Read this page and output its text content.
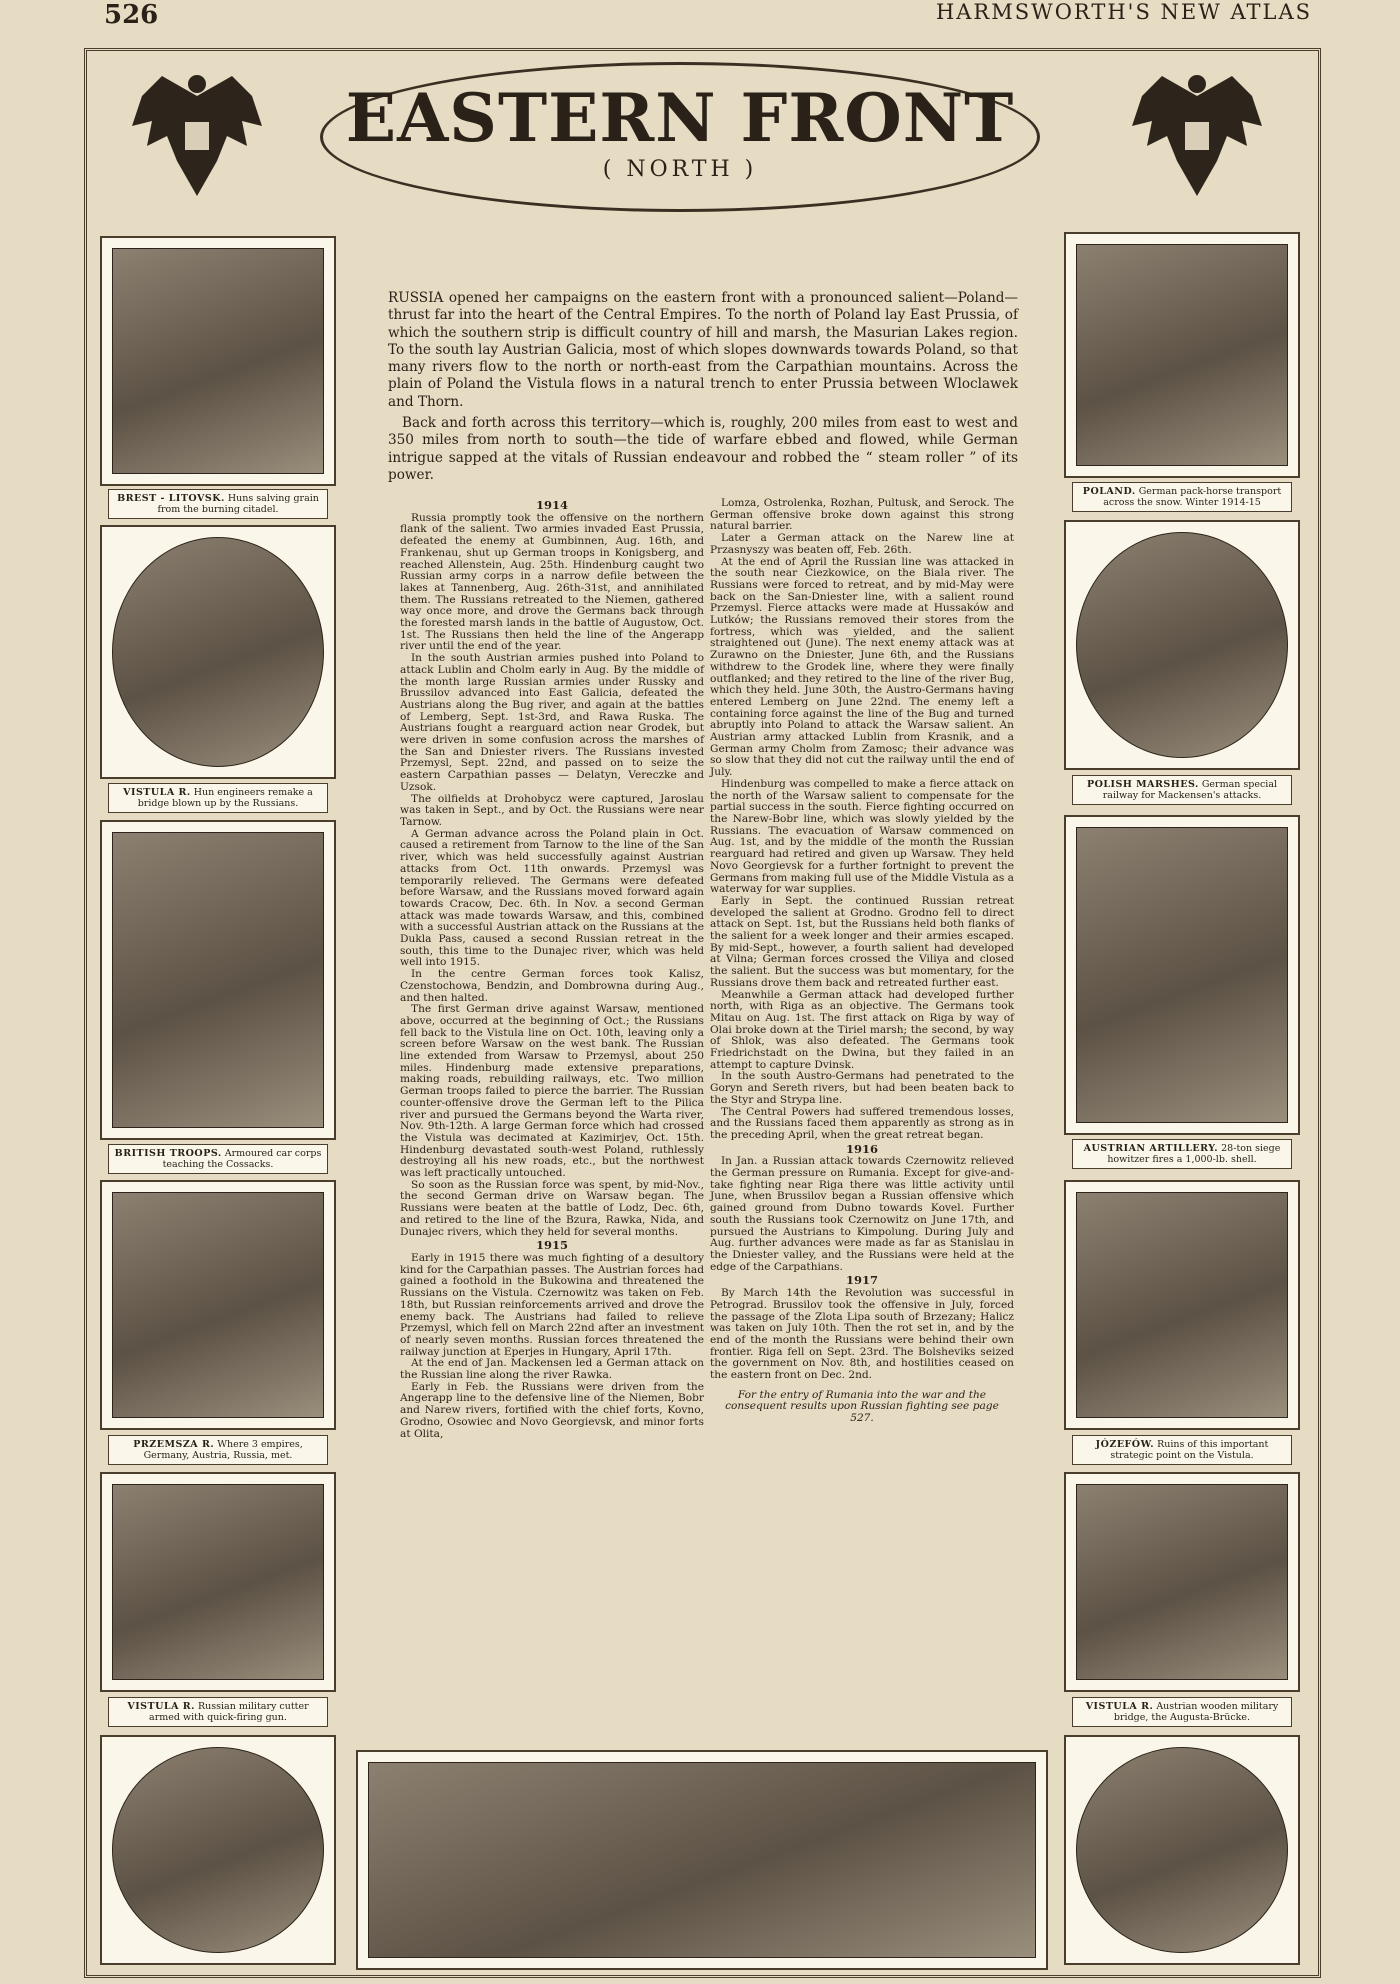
526	HARMSWORTH'S NEW ATLAS
EASTERN FRONT
( NORTH )
BREST - LITOVSK. Huns salving grain from the burning citadel.
VISTULA R. Hun engineers remake a bridge blown up by the Russians.
BRITISH TROOPS. Armoured car corps teaching the Cossacks.
PRZEMSZA R. Where 3 empires, Germany, Austria, Russia, met.
VISTULA R. Russian military cutter armed with quick-firing gun.
POLAND. German pack-horse transport across the snow. Winter 1914-15
POLISH MARSHES. German special railway for Mackensen's attacks.
AUSTRIAN ARTILLERY. 28-ton siege howitzer fires a 1,000-lb. shell.
JÓZEFÓW. Ruins of this important strategic point on the Vistula.
VISTULA R. Austrian wooden military bridge, the Augusta-Brücke.

RUSSIA opened her campaigns on the eastern front with a pronounced salient—Poland—thrust far into the heart of the Central Empires. To the north of Poland lay East Prussia, of which the southern strip is difficult country of hill and marsh, the Masurian Lakes region. To the south lay Austrian Galicia, most of which slopes downwards towards Poland, so that many rivers flow to the north or north-east from the Carpathian mountains. Across the plain of Poland the Vistula flows in a natural trench to enter Prussia between Wloclawek and Thorn.

Back and forth across this territory—which is, roughly, 200 miles from east to west and 350 miles from north to south—the tide of warfare ebbed and flowed, while German intrigue sapped at the vitals of Russian endeavour and robbed the “ steam roller ” of its power.

1914

Russia promptly took the offensive on the northern flank of the salient. Two armies invaded East Prussia, defeated the enemy at Gumbinnen, Aug. 16th, and Frankenau, shut up German troops in Konigsberg, and reached Allenstein, Aug. 25th. Hindenburg caught two Russian army corps in a narrow defile between the lakes at Tannenberg, Aug. 26th-31st, and annihilated them. The Russians retreated to the Niemen, gathered way once more, and drove the Germans back through the forested marsh lands in the battle of Augustow, Oct. 1st. The Russians then held the line of the Angerapp river until the end of the year.

In the south Austrian armies pushed into Poland to attack Lublin and Cholm early in Aug. By the middle of the month large Russian armies under Russky and Brussilov advanced into East Galicia, defeated the Austrians along the Bug river, and again at the battles of Lemberg, Sept. 1st-3rd, and Rawa Ruska. The Austrians fought a rearguard action near Grodek, but were driven in some confusion across the marshes of the San and Dniester rivers. The Russians invested Przemysl, Sept. 22nd, and passed on to seize the eastern Carpathian passes — Delatyn, Vereczke and Uzsok.

The oilfields at Drohobycz were captured, Jaroslau was taken in Sept., and by Oct. the Russians were near Tarnow.

A German advance across the Poland plain in Oct. caused a retirement from Tarnow to the line of the San river, which was held successfully against Austrian attacks from Oct. 11th onwards. Przemysl was temporarily relieved. The Germans were defeated before Warsaw, and the Russians moved forward again towards Cracow, Dec. 6th. In Nov. a second German attack was made towards Warsaw, and this, combined with a successful Austrian attack on the Russians at the Dukla Pass, caused a second Russian retreat in the south, this time to the Dunajec river, which was held well into 1915.

In the centre German forces took Kalisz, Czenstochowa, Bendzin, and Dombrowna during Aug., and then halted.

The first German drive against Warsaw, mentioned above, occurred at the beginning of Oct.; the Russians fell back to the Vistula line on Oct. 10th, leaving only a screen before Warsaw on the west bank. The Russian line extended from Warsaw to Przemysl, about 250 miles. Hindenburg made extensive preparations, making roads, rebuilding railways, etc. Two million German troops failed to pierce the barrier. The Russian counter-offensive drove the German left to the Pilica river and pursued the Germans beyond the Warta river, Nov. 9th-12th. A large German force which had crossed the Vistula was decimated at Kazimirjev, Oct. 15th. Hindenburg devastated south-west Poland, ruthlessly destroying all his new roads, etc., but the northwest was left practically untouched.

So soon as the Russian force was spent, by mid-Nov., the second German drive on Warsaw began. The Russians were beaten at the battle of Lodz, Dec. 6th, and retired to the line of the Bzura, Rawka, Nida, and Dunajec rivers, which they held for several months.

1915

Early in 1915 there was much fighting of a desultory kind for the Carpathian passes. The Austrian forces had gained a foothold in the Bukowina and threatened the Russians on the Vistula. Czernowitz was taken on Feb. 18th, but Russian reinforcements arrived and drove the enemy back. The Austrians had failed to relieve Przemysl, which fell on March 22nd after an investment of nearly seven months. Russian forces threatened the railway junction at Eperjes in Hungary, April 17th.

At the end of Jan. Mackensen led a German attack on the Russian line along the river Rawka.

Early in Feb. the Russians were driven from the Angerapp line to the defensive line of the Niemen, Bobr and Narew rivers, fortified with the chief forts, Kovno, Grodno, Osowiec and Novo Georgievsk, and minor forts at Olita,

Lomza, Ostrolenka, Rozhan, Pultusk, and Serock. The German offensive broke down against this strong natural barrier.

Later a German attack on the Narew line at Przasnyszy was beaten off, Feb. 26th.

At the end of April the Russian line was attacked in the south near Ciezkowice, on the Biala river. The Russians were forced to retreat, and by mid-May were back on the San-Dniester line, with a salient round Przemysl. Fierce attacks were made at Hussaków and Lutków; the Russians removed their stores from the fortress, which was yielded, and the salient straightened out (June). The next enemy attack was at Zurawno on the Dniester, June 6th, and the Russians withdrew to the Grodek line, where they were finally outflanked; and they retired to the line of the river Bug, which they held. June 30th, the Austro-Germans having entered Lemberg on June 22nd. The enemy left a containing force against the line of the Bug and turned abruptly into Poland to attack the Warsaw salient. An Austrian army attacked Lublin from Krasnik, and a German army Cholm from Zamosc; their advance was so slow that they did not cut the railway until the end of July.

Hindenburg was compelled to make a fierce attack on the north of the Warsaw salient to compensate for the partial success in the south. Fierce fighting occurred on the Narew-Bobr line, which was slowly yielded by the Russians. The evacuation of Warsaw commenced on Aug. 1st, and by the middle of the month the Russian rearguard had retired and given up Warsaw. They held Novo Georgievsk for a further fortnight to prevent the Germans from making full use of the Middle Vistula as a waterway for war supplies.

Early in Sept. the continued Russian retreat developed the salient at Grodno. Grodno fell to direct attack on Sept. 1st, but the Russians held both flanks of the salient for a week longer and their armies escaped. By mid-Sept., however, a fourth salient had developed at Vilna; German forces crossed the Viliya and closed the salient. But the success was but momentary, for the Russians drove them back and retreated further east.

Meanwhile a German attack had developed further north, with Riga as an objective. The Germans took Mitau on Aug. 1st. The first attack on Riga by way of Olai broke down at the Tiriel marsh; the second, by way of Shlok, was also defeated. The Germans took Friedrichstadt on the Dwina, but they failed in an attempt to capture Dvinsk.

In the south Austro-Germans had penetrated to the Goryn and Sereth rivers, but had been beaten back to the Styr and Strypa line.

The Central Powers had suffered tremendous losses, and the Russians faced them apparently as strong as in the preceding April, when the great retreat began.

1916

In Jan. a Russian attack towards Czernowitz relieved the German pressure on Rumania. Except for give-and-take fighting near Riga there was little activity until June, when Brussilov began a Russian offensive which gained ground from Dubno towards Kovel. Further south the Russians took Czernowitz on June 17th, and pursued the Austrians to Kimpolung. During July and Aug. further advances were made as far as Stanislau in the Dniester valley, and the Russians were held at the edge of the Carpathians.

1917

By March 14th the Revolution was successful in Petrograd. Brussilov took the offensive in July, forced the passage of the Zlota Lipa south of Brzezany; Halicz was taken on July 10th. Then the rot set in, and by the end of the month the Russians were behind their own frontier. Riga fell on Sept. 23rd. The Bolsheviks seized the government on Nov. 8th, and hostilities ceased on the eastern front on Dec. 2nd.

For the entry of Rumania into the war and the consequent results upon Russian fighting see page 527.
